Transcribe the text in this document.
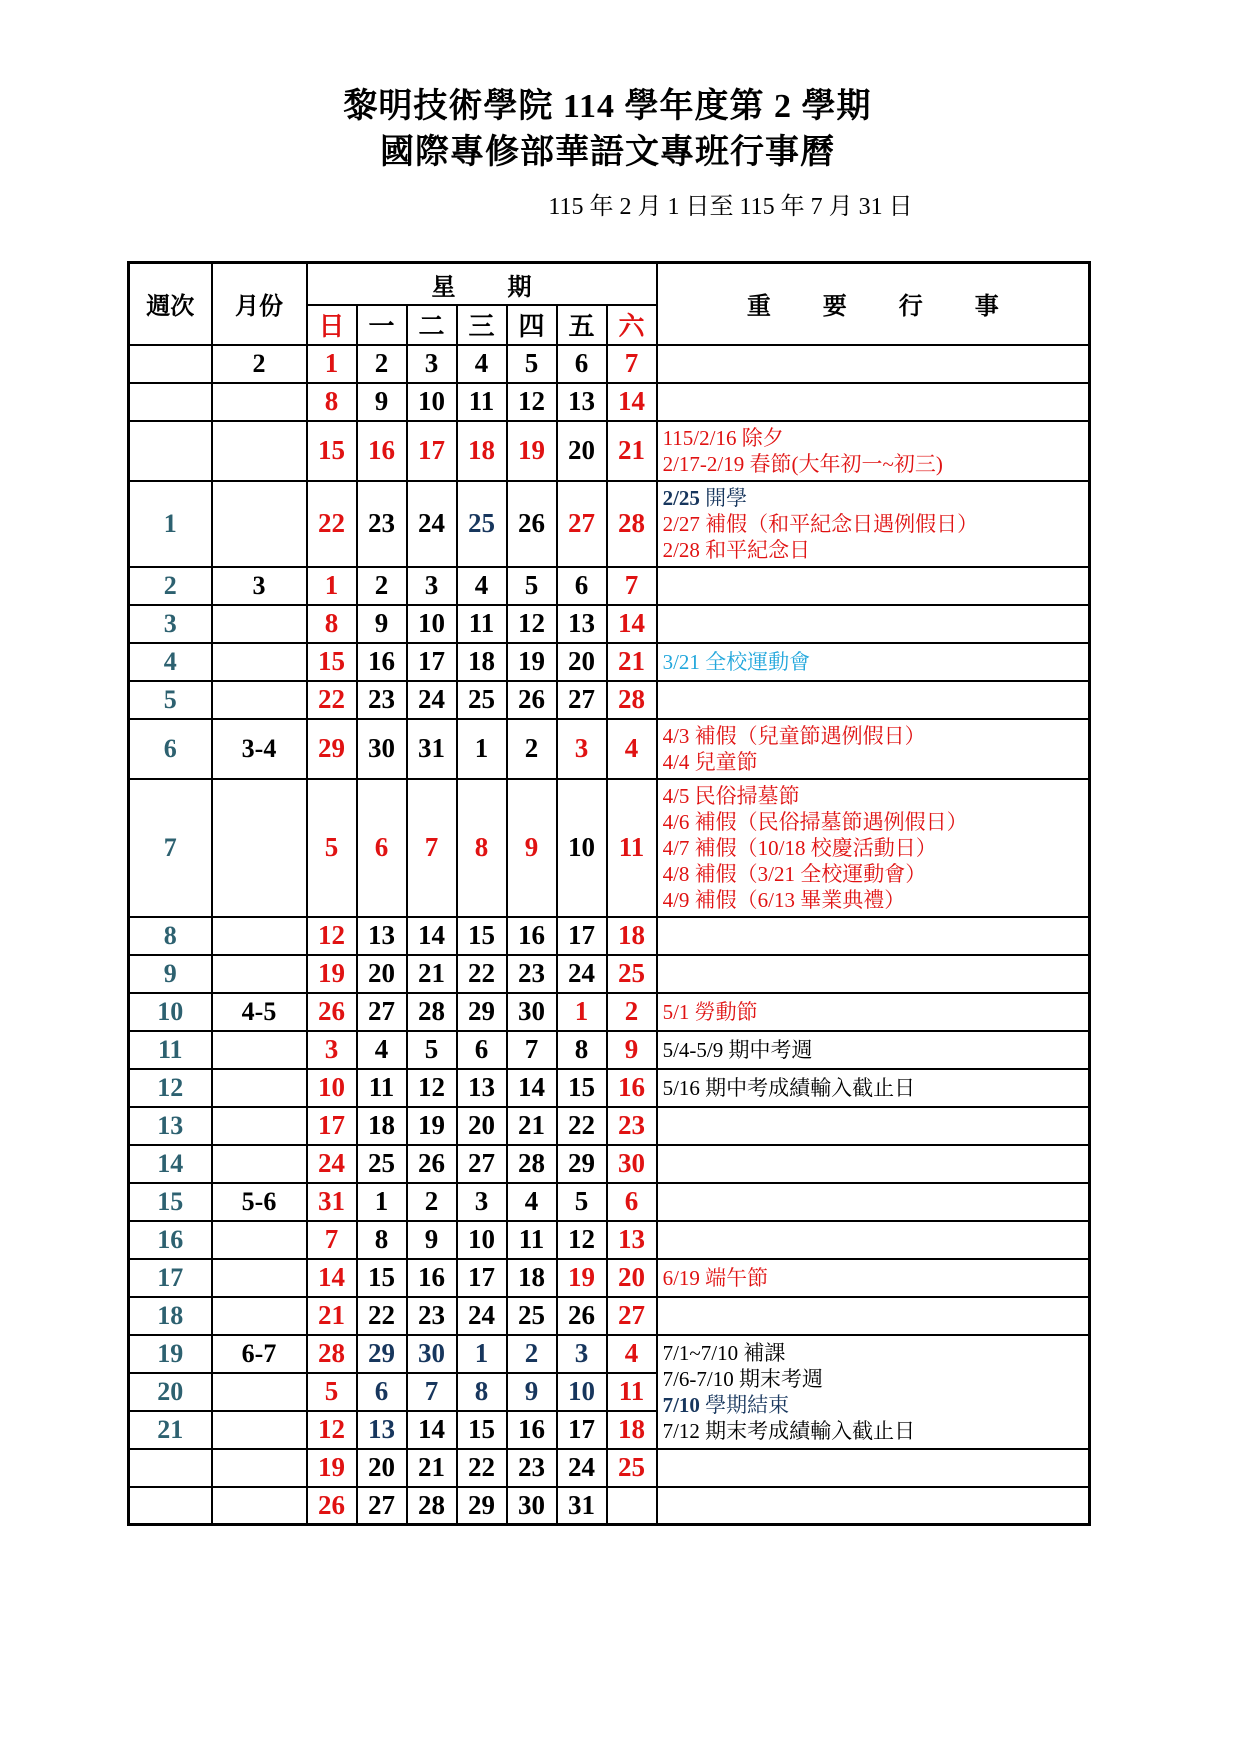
黎明技術學院 114 學年度第 2 學期
國際專修部華語文專班行事曆
115 年 2 月 1 日至 115 年 7 月 31 日
週次	月份	星　期							重　要　行　事
		日	一	二	三	四	五	六	
	2	1	2	3	4	5	6	7	
		8	9	10	11	12	13	14	
		15	16	17	18	19	20	21	115/2/16 除夕
2/17-2/19 春節(大年初一~初三)

1		22	23	24	25	26	27	28	2/25 開學
2/27 補假（和平紀念日遇例假日）
2/28 和平紀念日

2	3	1	2	3	4	5	6	7	
3		8	9	10	11	12	13	14	
4		15	16	17	18	19	20	21	3/21 全校運動會

5		22	23	24	25	26	27	28	
6	3-4	29	30	31	1	2	3	4	4/3 補假（兒童節遇例假日）
4/4 兒童節

7		5	6	7	8	9	10	11	4/5 民俗掃墓節
4/6 補假（民俗掃墓節遇例假日）
4/7 補假（10/18 校慶活動日）
4/8 補假（3/21 全校運動會）
4/9 補假（6/13 畢業典禮）

8		12	13	14	15	16	17	18	
9		19	20	21	22	23	24	25	
10	4-5	26	27	28	29	30	1	2	5/1 勞動節

11		3	4	5	6	7	8	9	5/4-5/9 期中考週

12		10	11	12	13	14	15	16	5/16 期中考成績輸入截止日

13		17	18	19	20	21	22	23	
14		24	25	26	27	28	29	30	
15	5-6	31	1	2	3	4	5	6	
16		7	8	9	10	11	12	13	
17		14	15	16	17	18	19	20	6/19 端午節

18		21	22	23	24	25	26	27	
19	6-7	28	29	30	1	2	3	4	7/1~7/10 補課
7/6-7/10 期末考週
7/10 學期結束
7/12 期末考成績輸入截止日

20		5	6	7	8	9	10	11	
21		12	13	14	15	16	17	18	
		19	20	21	22	23	24	25	
		26	27	28	29	30	31		
